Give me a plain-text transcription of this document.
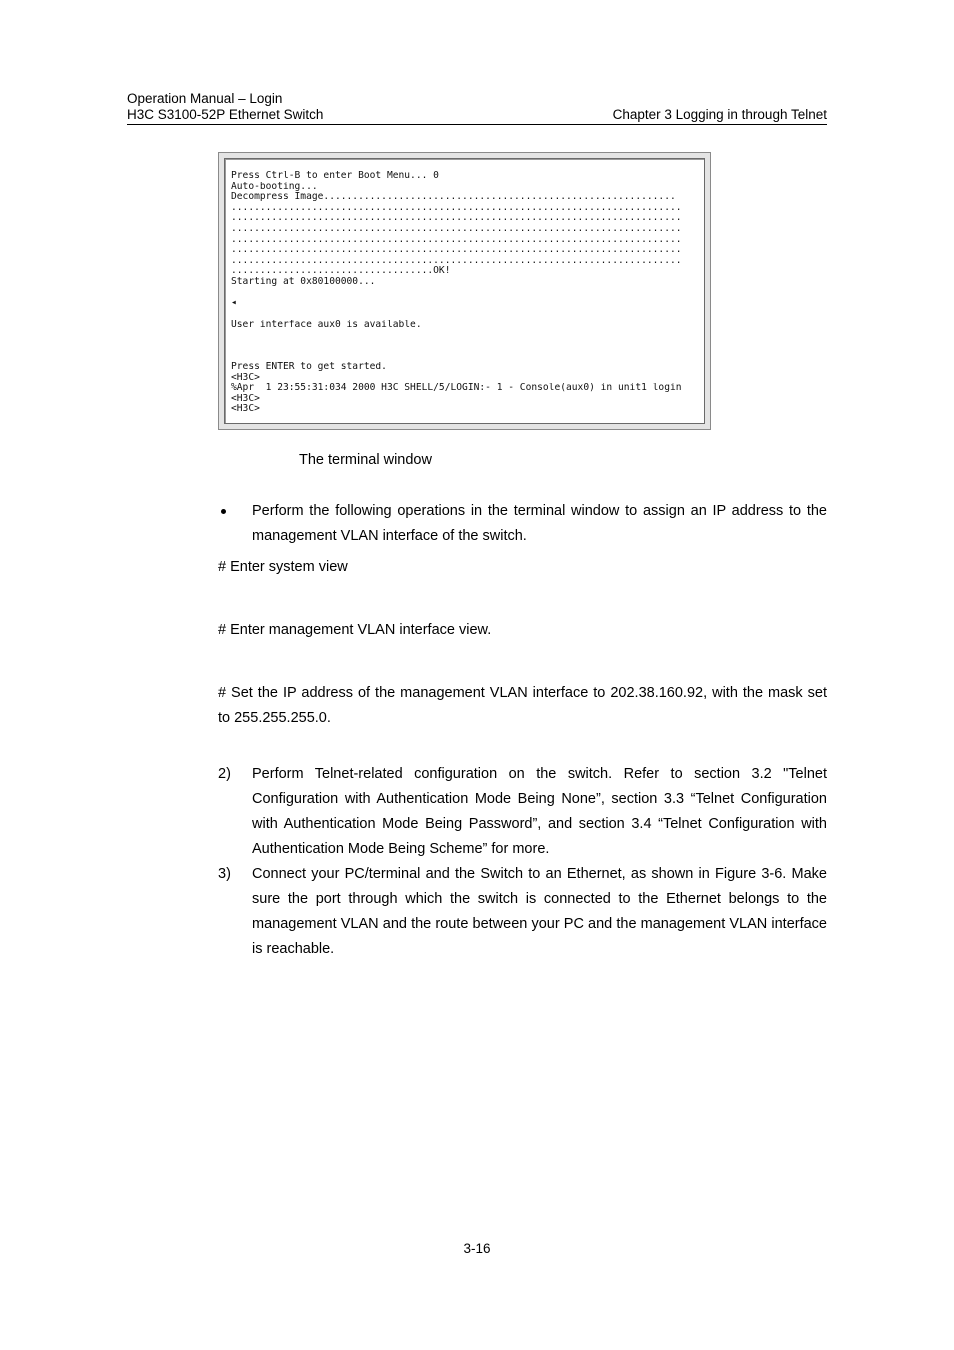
Operation Manual – Login
H3C S3100-52P Ethernet Switch	Chapter 3 Logging in through Telnet
Press Ctrl-B to enter Boot Menu... 0
Auto-booting...
Decompress Image.............................................................
..............................................................................
..............................................................................
..............................................................................
..............................................................................
..............................................................................
..............................................................................
...................................OK!
Starting at 0x80100000...

◂

User interface aux0 is available.

Press ENTER to get started.
<H3C>
%Apr  1 23:55:31:034 2000 H3C SHELL/5/LOGIN:- 1 - Console(aux0) in unit1 login
<H3C>
<H3C>
The terminal window
Perform the following operations in the terminal window to assign an IP address to the management VLAN interface of the switch.
# Enter system view
# Enter management VLAN interface view.
# Set the IP address of the management VLAN interface to 202.38.160.92, with the mask set to 255.255.255.0.
2) Perform Telnet-related configuration on the switch. Refer to section 3.2 "Telnet Configuration with Authentication Mode Being None”, section 3.3 “Telnet Configuration with Authentication Mode Being Password”, and section 3.4 “Telnet Configuration with Authentication Mode Being Scheme” for more.
3) Connect your PC/terminal and the Switch to an Ethernet, as shown in Figure 3-6. Make sure the port through which the switch is connected to the Ethernet belongs to the management VLAN and the route between your PC and the management VLAN interface is reachable.
3-16
